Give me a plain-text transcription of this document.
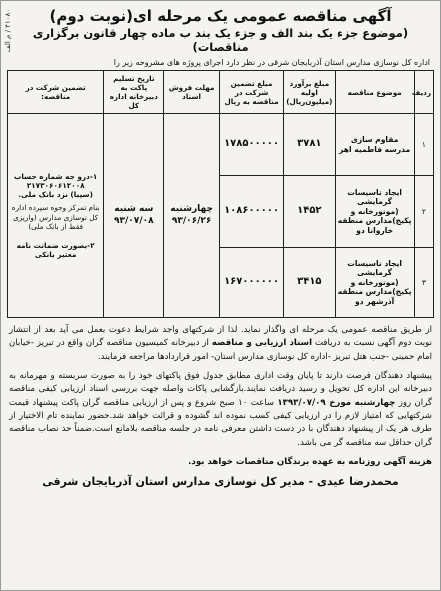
۴۱۰۸۰ / م الف	آگهی مناقصه عمومی یک مرحله ای(نوبت دوم)
(موضوع جزء یک بند الف و جزء یک بند ب ماده چهار قانون برگزاری مناقصات)
اداره کل نوسازی مدارس استان آذربایجان شرقی در نظر دارد اجرای پروژه های مشروحه زیر را
ردیف	موضوع مناقصه	مبلغ برآورد اولیه (میلیون‌ریال)	مبلغ تضمین شرکت در مناقصه به ریال	مهلت فروش اسناد	تاریخ تسلیم پاکت به دبیرخانه اداره کل	تضمین شرکت در مناقصه:
١	مقاوم سازی مدرسه فاطمیه اهر	۳۷۸۱	۱۷۸۵۰۰۰۰۰	چهارشنبه ۹۳/۰۶/۲۶	سه شنبه ۹۳/۰۷/۰۸	۱-درو جه شماره حساب
۲۱۷۳۰۶۰۶۱۲۰۰۸
(سیبا) نزد بانک ملی.
بنام تمرکز وجوه سپرده اداره کل نوسازی مدارس (واریزی فقط از بانک ملی)
۲-بصورت ضمانت نامه معتبر بانکی

٢	ایجاد تاسیسات گرمایشی (موتورخانه و پکیج)مدارس منطقه خاروانا دو	۱۴۵۲	۱۰۸۶۰۰۰۰۰			
٣	ایجاد تاسیسات گرمایشی (موتورخانه و پکیج)مدارس منطقه آذرشهر دو	۳۴۱۵	۱۶۷۰۰۰۰۰۰			
از طریق مناقصه عمومی یک مرحله ای واگذار نماید. لذا از شرکتهای واجد شرایط دعوت بعمل می آید بعد از انتشار نوبت دوم آگهی نسبت به دریافت اسناد ارزیابی و مناقصه از دبیرخانه کمیسیون مناقصه گران واقع در تبریز -خیابان امام حمینی -جنب هتل تبریز -اداره کل نوسازی مدارس استان- امور قراردادها مراجعه فرمایند.
پیشنهاد دهندگان فرصت دارند تا پایان وقت اداری مطابق جدول فوق پاکتهای خود را به صورت سربسته و مهرمانه به دبیرخانه این اداره کل تحویل و رسید دریافت نمایند.بازگشایی پاکات واصله جهت بررسی اسناد ارزیابی کیفی مناقصه گران روز چهارشنبه مورخ ۱۳۹۳/۰۷/۰۹ ساعت ۱۰ صبح شروع و پس از ارزیابی مناقصه گران پاکت پیشنهاد قیمت شرکتهایی که امتیاز لازم را در ارزیابی کیفی کسب نموده اند گشوده و قرائت خواهد شد.حضور نماینده تام الاختیار از طرف هر یک از پیشنهاد دهندگان با در دست داشتن معرفی نامه در جلسه مناقصه بلامانع است.ضمناً حد نصاب مناقصه گران حداقل سه مناقصه گر می باشد.
هزینه آگهی روزنامه به عهده برندگان مناقصات خواهد بود.
محمدرضا عیدی - مدیر کل نوسازی مدارس استان آذربایجان شرقی
